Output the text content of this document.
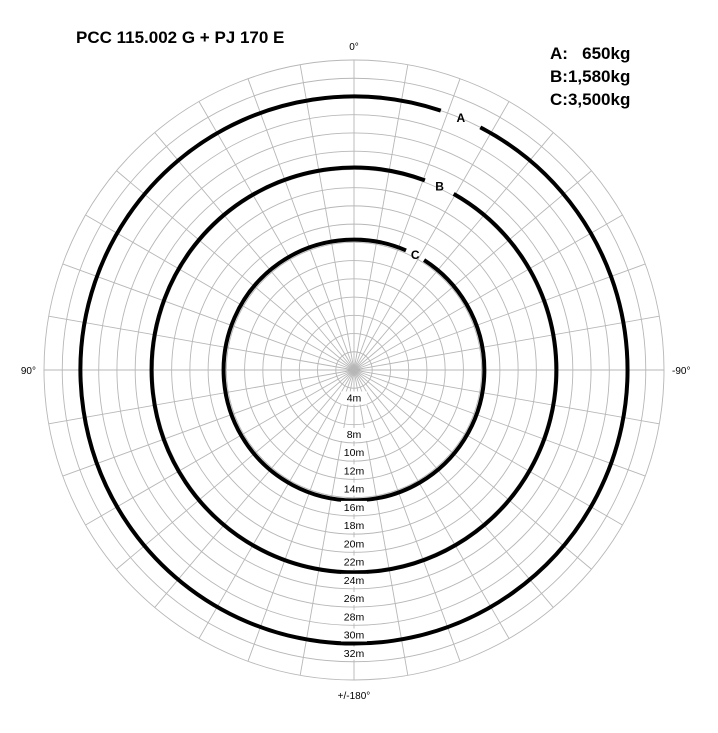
A
B
C
4m
8m
10m
12m
14m
16m
18m
20m
22m
24m
26m
28m
30m
32m
0°
90°	-90°
+/-180°
PCC 115.002 G + PJ 170 E
A:   650kg
B:1,580kg
C:3,500kg
